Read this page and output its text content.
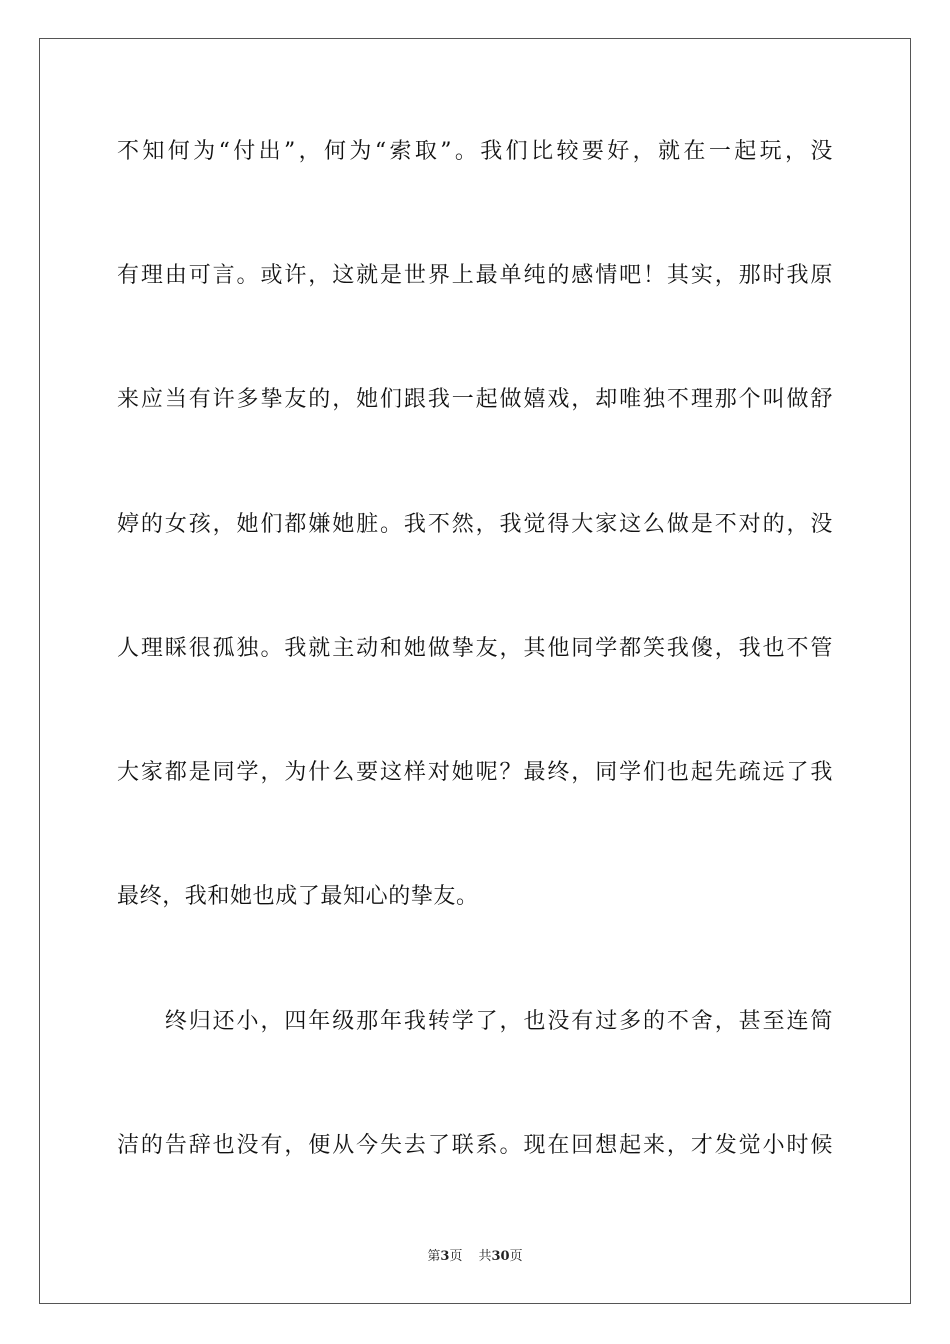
不知何为“付出”，何为“索取”。我们比较要好，就在一起玩，没
有理由可言。或许，这就是世界上最单纯的感情吧！其实，那时我原
来应当有许多挚友的，她们跟我一起做嬉戏，却唯独不理那个叫做舒
婷的女孩，她们都嫌她脏。我不然，我觉得大家这么做是不对的，没
人理睬很孤独。我就主动和她做挚友，其他同学都笑我傻，我也不管
大家都是同学，为什么要这样对她呢？最终，同学们也起先疏远了我
最终，我和她也成了最知心的挚友。
　　终归还小，四年级那年我转学了，也没有过多的不舍，甚至连简
洁的告辞也没有，便从今失去了联系。现在回想起来，才发觉小时候
第3页 共30页
